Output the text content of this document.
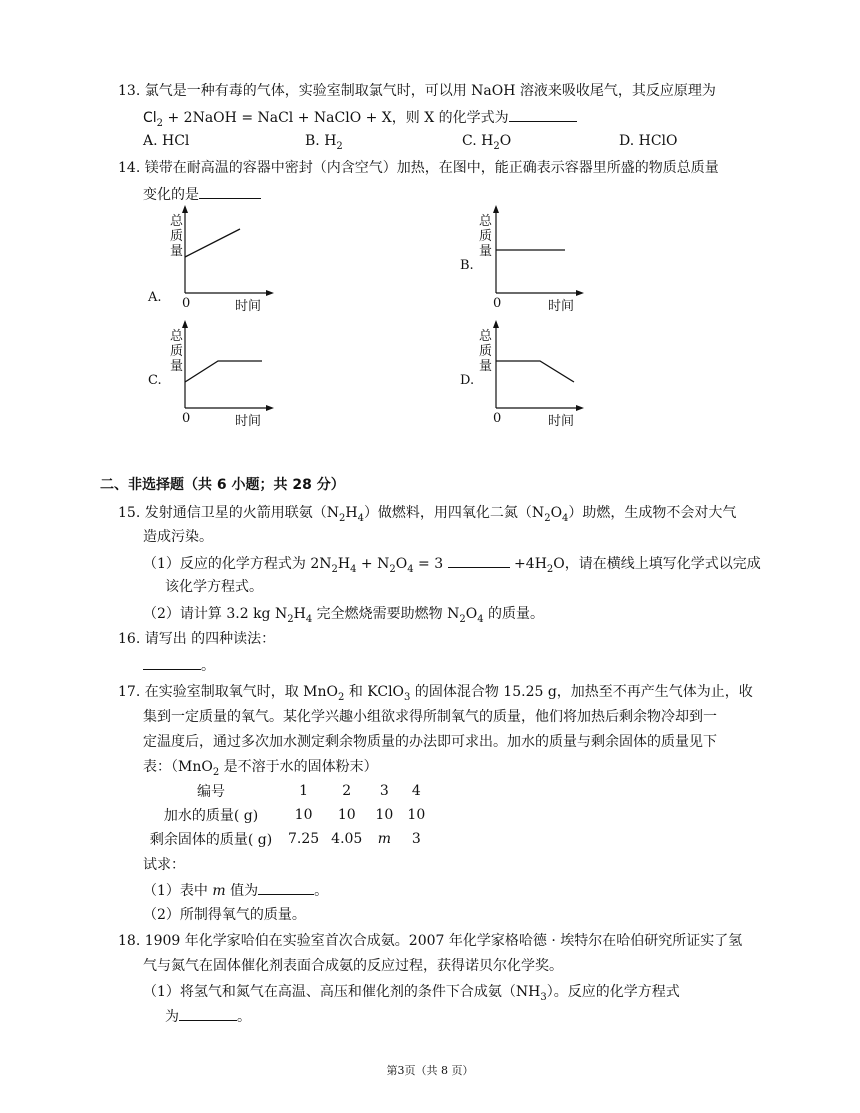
13. 氯气是一种有毒的气体，实验室制取氯气时，可以用 NaOH 溶液来吸收尾气，其反应原理为
$Cl_2$ + 2NaOH = NaCl + NaClO + X，则 X 的化学式为
A. HCl	B. $H_2$	C. $H_2O$	D. HClO
14. 镁带在耐高温的容器中密封（内含空气）加热，在图中，能正确表示容器里所盛的物质总质量
变化的是
A.
总
质
量
0	时间
B.
总
质
量
0	时间
C.
总
质
量
0	时间
D.
总
质
量
0	时间
二、非选择题（共 6 小题；共 28 分）
15. 发射通信卫星的火箭用联氨$(N_2H_4)$做燃料，用四氧化二氮$(N_2O_4)$助燃，生成物不会对大气
造成污染。
（1）反应的化学方程式为 $2N_2H_4 + N_2O_4 = 3$	$+4H_2O$，请在横线上填写化学式以完成
该化学方程式。
（2）请计算 3.2 kg $N_2H_4$ 完全燃烧需要助燃物 $N_2O_4$ 的质量。
16. 请写出 的四种读法：
。
17. 在实验室制取氧气时，取 MnO$_2$ 和 KClO$_3$ 的固体混合物 15.25 g，加热至不再产生气体为止，收
集到一定质量的氧气。某化学兴趣小组欲求得所制氧气的质量，他们将加热后剩余物冷却到一
定温度后，通过多次加水测定剩余物质量的办法即可求出。加水的质量与剩余固体的质量见下
表：（MnO$_2$ 是不溶于水的固体粉末）
编号	1	2	3	4
加水的质量( g)	10	10	10	10
剩余固体的质量( g)	7.25	4.05	m	3
试求：
（1）表中 m 值为	。
（2）所制得氧气的质量。
18. 1909 年化学家哈伯在实验室首次合成氨。2007 年化学家格哈德 · 埃特尔在哈伯研究所证实了氢
气与氮气在固体催化剂表面合成氨的反应过程，获得诺贝尔化学奖。
（1）将氢气和氮气在高温、高压和催化剂的条件下合成氨$(NH_3)$。反应的化学方程式
为	。
第3页（共 8 页）
